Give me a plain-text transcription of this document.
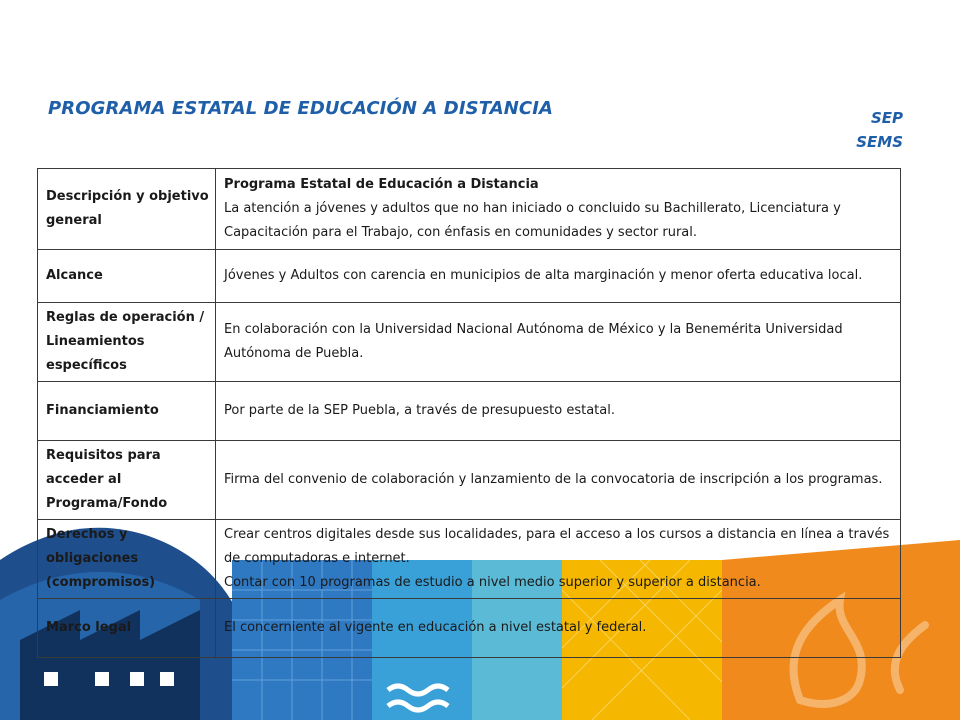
PROGRAMA ESTATAL DE EDUCACIÓN A DISTANCIA	SEP
SEMS
Descripción y objetivo general	Programa Estatal de Educación a Distancia
La atención a jóvenes y adultos que no han iniciado o concluido su Bachillerato, Licenciatura y Capacitación para el Trabajo, con énfasis en comunidades y sector rural.

Alcance	Jóvenes y Adultos con carencia en municipios de alta marginación y menor oferta educativa local.

Reglas de operación / Lineamientos específicos	En colaboración con la Universidad Nacional Autónoma de México y la Benemérita Universidad Autónoma de Puebla.

Financiamiento	Por parte de la SEP Puebla, a través de presupuesto estatal.

Requisitos para acceder al Programa/Fondo	Firma del convenio de colaboración y lanzamiento de la convocatoria de inscripción a los programas.

Derechos y obligaciones (compromisos)	Crear centros digitales desde sus localidades, para el acceso a los cursos a distancia en línea a través de computadoras e internet.
Contar con 10 programas de estudio a nivel medio superior y superior a distancia.

Marco legal	El concerniente al vigente en educación a nivel estatal y federal.
